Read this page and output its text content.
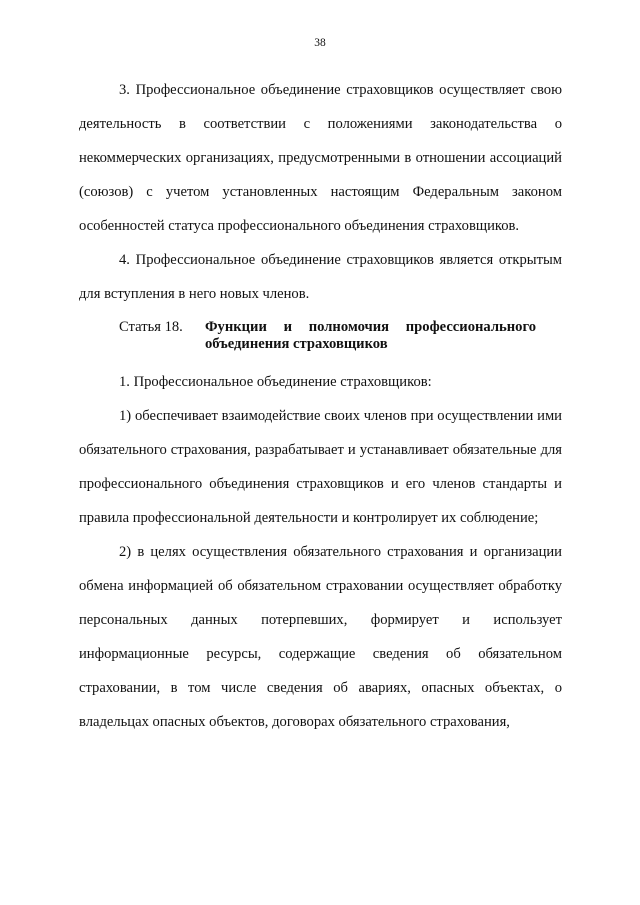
38

3. Профессиональное объединение страховщиков осуществляет свою деятельность в соответствии с положениями законодательства о некоммерческих организациях, предусмотренными в отношении ассоциаций (союзов) с учетом установленных настоящим Федеральным законом особенностей статуса профессионального объединения страховщиков.

4. Профессиональное объединение страховщиков является открытым для вступления в него новых членов.

Статья 18.	Функции и полномочия профессионального объединения страховщиков

1. Профессиональное объединение страховщиков:

1) обеспечивает взаимодействие своих членов при осуществлении ими обязательного страхования, разрабатывает и устанавливает обязательные для профессионального объединения страховщиков и его членов стандарты и правила профессиональной деятельности и контролирует их соблюдение;

2) в целях осуществления обязательного страхования и организации обмена информацией об обязательном страховании осуществляет обработку персональных данных потерпевших, формирует и использует информационные ресурсы, содержащие сведения об обязательном страховании, в том числе сведения об авариях, опасных объектах, о владельцах опасных объектов, договорах обязательного страхования,
